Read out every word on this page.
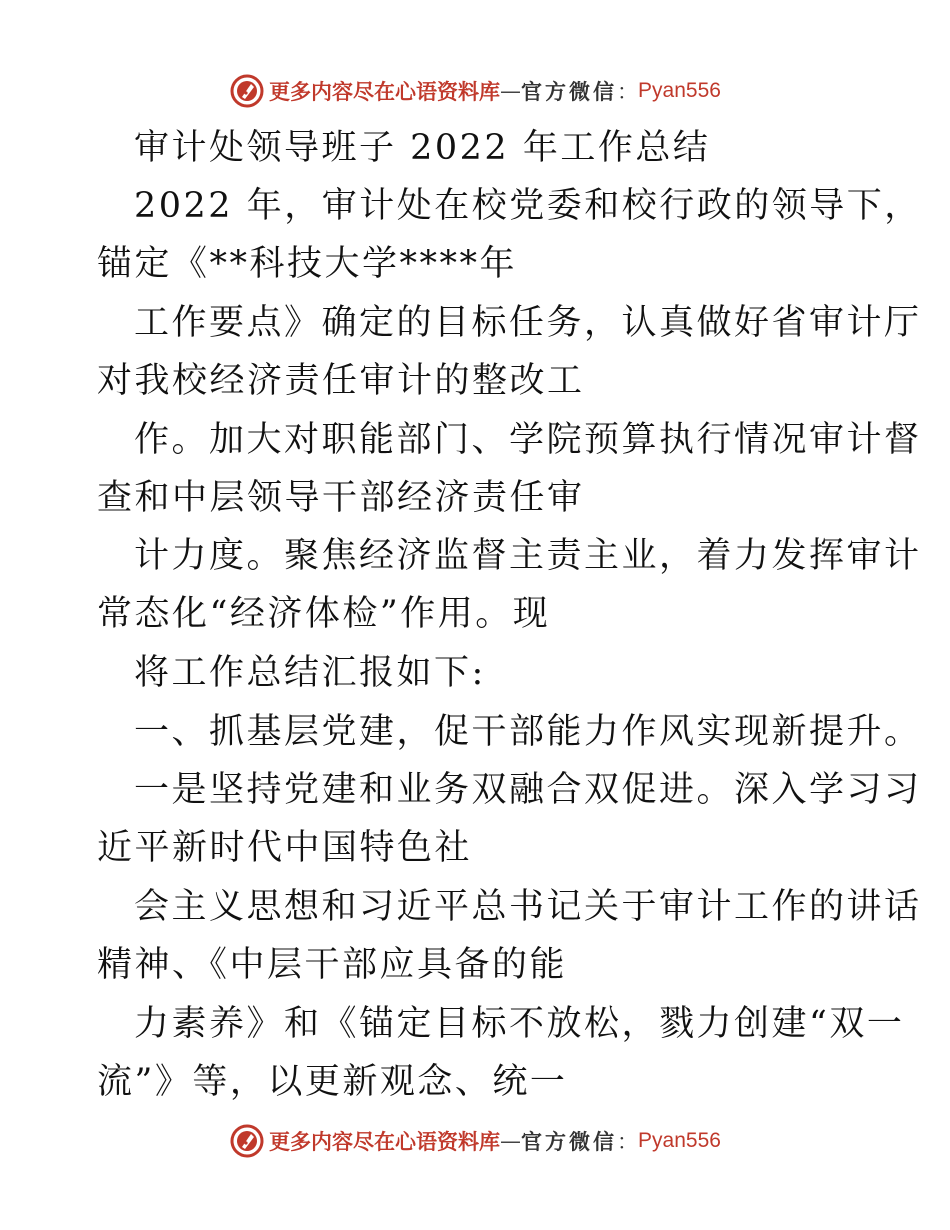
更多内容尽在心语资料库 — 官方微信 ： Pyan556
审计处领导班子 2022 年工作总结
2022 年，审计处在校党委和校行政的领导下，
锚定《**科技大学****年
工作要点》确定的目标任务，认真做好省审计厅
对我校经济责任审计的整改工
作。加大对职能部门、学院预算执行情况审计督
查和中层领导干部经济责任审
计力度。聚焦经济监督主责主业，着力发挥审计
常态化“经济体检”作用。现
将工作总结汇报如下:
一、抓基层党建，促干部能力作风实现新提升。
一是坚持党建和业务双融合双促进。深入学习习
近平新时代中国特色社
会主义思想和习近平总书记关于审计工作的讲话
精神、《中层干部应具备的能
力素养》和《锚定目标不放松，戮力创建“双一
流”》等，以更新观念、统一
更多内容尽在心语资料库 — 官方微信 ： Pyan556
